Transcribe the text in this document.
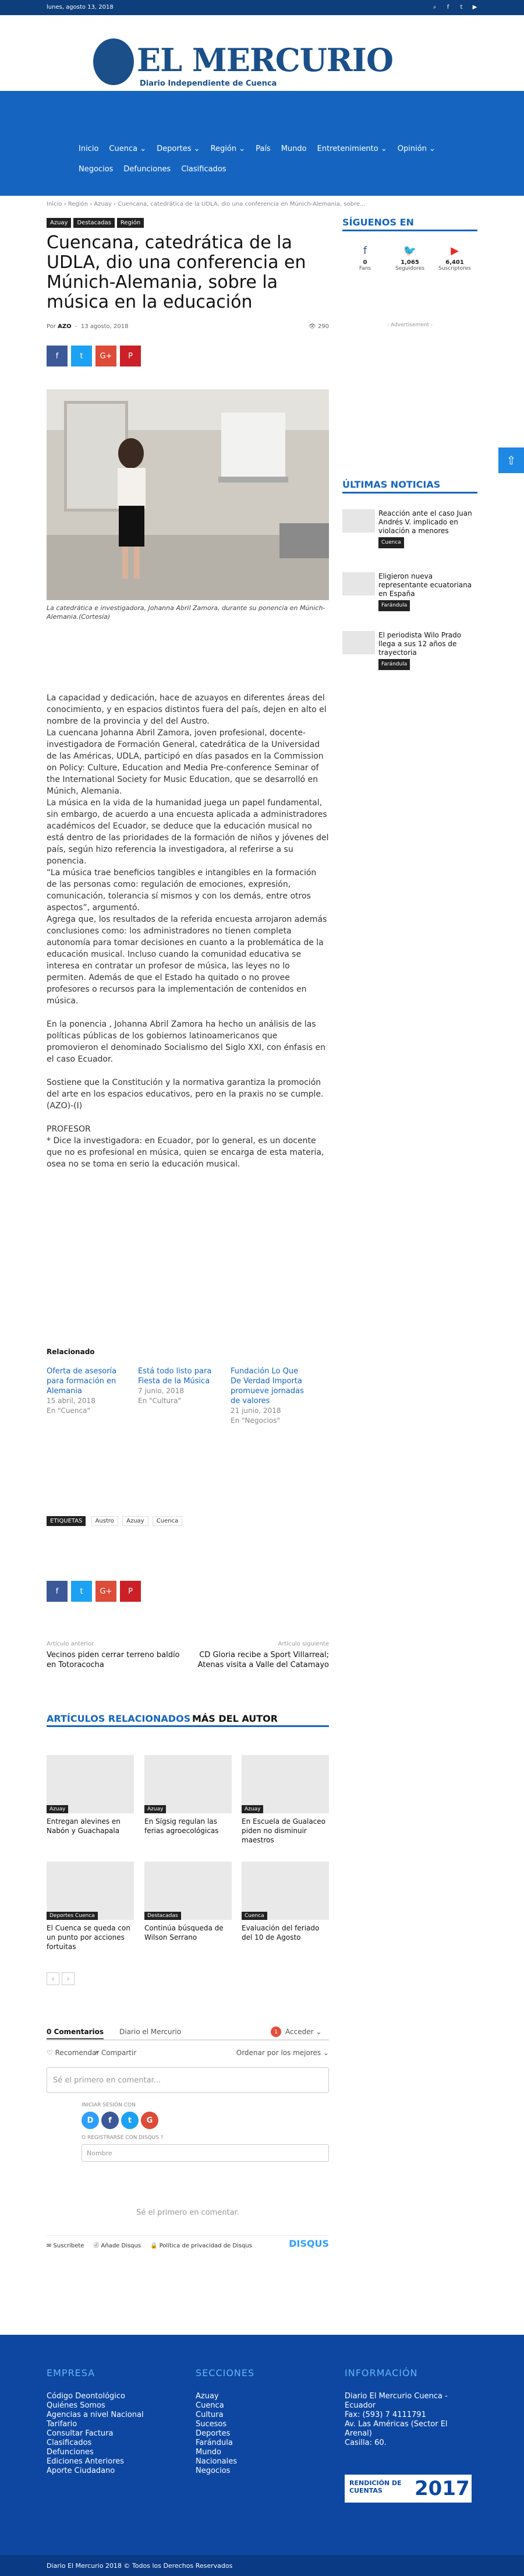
lunes, agosto 13, 2018	⌕	f	t	▶
EL MERCURIO
Diario Independiente de Cuenca
Inicio Cuenca ⌄ Deportes ⌄ Región ⌄ País Mundo Entretenimiento ⌄ Opinión ⌄
Negocios Defunciones Clasificados
Inicio › Región › Azuay › Cuencana, catedrática de la UDLA, dio una conferencia en Múnich-Alemania, sobre...
Azuay Destacadas Región
Cuencana, catedrática de la UDLA, dio una conferencia en Múnich-Alemania, sobre la música en la educación
Por AZO  -  13 agosto, 2018	👁 290
f	t	G+	P
La catedrática e investigadora, Johanna Abril Zamora, durante su ponencia en Múnich-Alemania.(Cortesía)

La capacidad y dedicación, hace de azuayos en diferentes áreas del conocimiento, y en espacios distintos fuera del país, dejen en alto el nombre de la provincia y del del Austro.

La cuencana Johanna Abril Zamora, joven profesional, docente-investigadora de Formación General, catedrática de la Universidad de las Américas, UDLA, participó en días pasados en la Commission on Policy: Culture, Education and Media Pre-conference Seminar of the International Society for Music Education, que se desarrolló en Múnich, Alemania.

La música en la vida de la humanidad juega un papel fundamental, sin embargo, de acuerdo a una encuesta aplicada a administradores académicos del Ecuador, se deduce que la educación musical no está dentro de las prioridades de la formación de niños y jóvenes del país, según hizo referencia la investigadora, al referirse a su ponencia.

“La música trae beneficios tangibles e intangibles en la formación de las personas como: regulación de emociones, expresión, comunicación, tolerancia sí mismos y con los demás, entre otros aspectos”, argumentó.

Agrega que, los resultados de la referida encuesta arrojaron además conclusiones como: los administradores no tienen completa autonomía para tomar decisiones en cuanto a la problemática de la educación musical. Incluso cuando la comunidad educativa se interesa en contratar un profesor de música, las leyes no lo permiten. Además de que el Estado ha quitado o no provee profesores o recursos para la implementación de contenidos en música.

En la ponencia , Johanna Abril Zamora ha hecho un análisis de las políticas públicas de los gobiernos latinoamericanos que promovieron el denominado Socialismo del Siglo XXI, con énfasis en el caso Ecuador.

Sostiene que la Constitución y la normativa garantiza la promoción del arte en los espacios educativos, pero en la praxis no se cumple.(AZO)-(I)

PROFESOR

* Dice la investigadora: en Ecuador, por lo general, es un docente que no es profesional en música, quien se encarga de esta materia, osea no se toma en serio la educación musical.

Relacionado
Oferta de asesoría para formación en Alemania
15 abril, 2018
En "Cuenca"
Está todo listo para Fiesta de la Música
7 junio, 2018
En "Cultura"
Fundación Lo Que De Verdad Importa promueve jornadas de valores
21 junio, 2018
En "Negocios"
ETIQUETAS Austro Azuay Cuenca
f	t	G+	P
Artículo anterior
Vecinos piden cerrar terreno baldío en Totoracocha
Artículo siguiente
CD Gloria recibe a Sport Villarreal; Atenas visita a Valle del Catamayo
ARTÍCULOS RELACIONADOS MÁS DEL AUTOR
Azuay
Entregan alevines en Nabón y Guachapala
Azuay
En Sígsig regulan las ferias agroecológicas
Azuay
En Escuela de Gualaceo piden no disminuir maestros
Deportes Cuenca
El Cuenca se queda con un punto por acciones fortuitas
Destacadas
Continúa búsqueda de Wilson Serrano
Cuenca
Evaluación del feriado del 10 de Agosto
‹	›
0 Comentarios Diario el Mercurio	1	Acceder ⌄
♡ Recomendar
↗ Compartir	Ordenar por los mejores ⌄
Sé el primero en comentar...
INICIAR SESIÓN CON
D	f	t	G
O REGISTRARSE CON DISQUS ?
Nombre
Sé el primero en comentar.
✉ Suscríbete ⓓ Añade Disqus 🔒 Política de privacidad de Disqus	DISQUS
SÍGUENOS EN
f
0
Fans
🐦
1,065
Seguidores
▶
6,401
Suscriptores
- Advertisement -
ÚLTIMAS NOTICIAS
Reacción ante el caso Juan Andrés V. implicado en violación a menores
Cuenca
Eligieron nueva representante ecuatoriana en España
Farándula
El periodista Wilo Prado llega a sus 12 años de trayectoria
Farándula
⇧
EMPRESA
Código Deontológico
Quiénes Somos
Agencias a nivel Nacional
Tarifario
Consultar Factura
Clasificados
Defunciones
Ediciones Anteriores
Aporte Ciudadano
SECCIONES
Azuay
Cuenca
Cultura
Sucesos
Deportes
Farándula
Mundo
Nacionales
Negocios
INFORMACIÓN
Diario El Mercurio Cuenca - Ecuador
Fax: (593) 7 4111791
Av. Las Américas (Sector El Arenal)
Casilla: 60.
RENDICIÓN DE CUENTAS	2017
Diario El Mercurio 2018 © Todos los Derechos Reservados
